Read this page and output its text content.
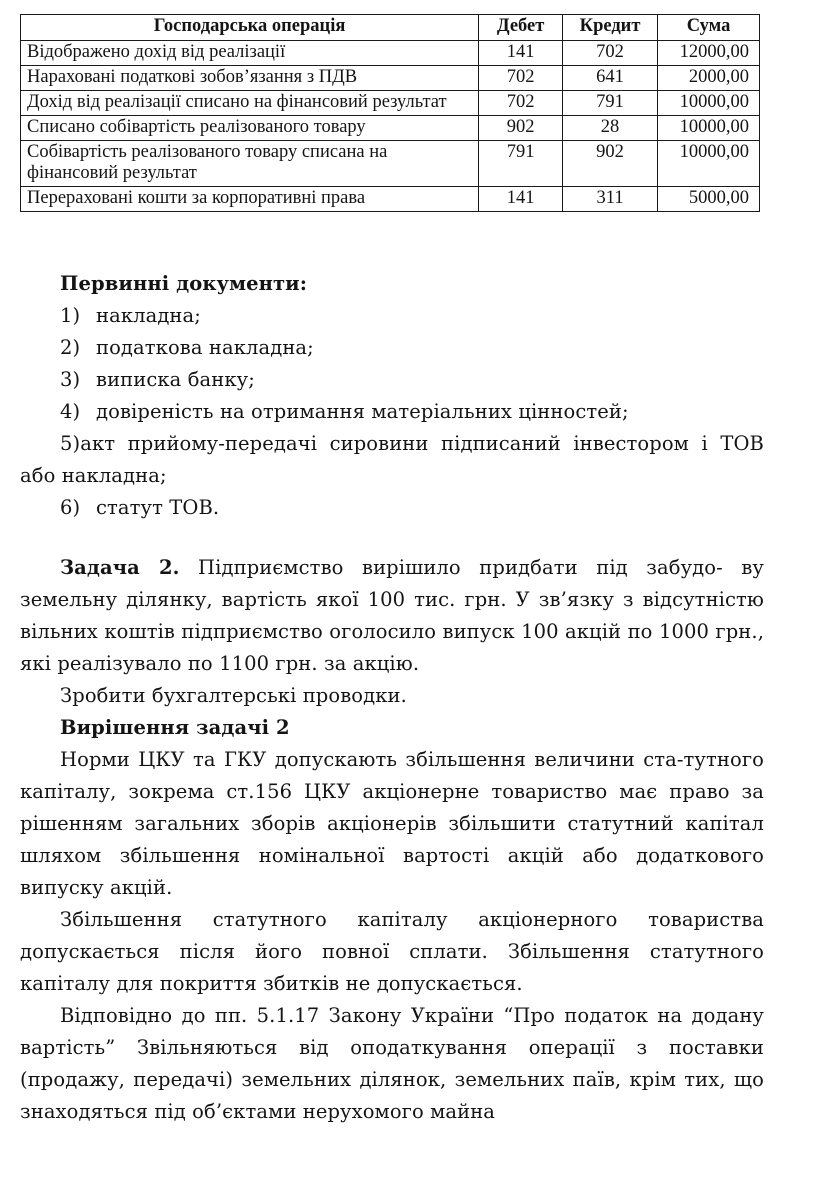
Господарська операція	Дебет	Кредит	Сума
Відображено дохід від реалізації	141	702	12000,00
Нараховані податкові зобов’язання з ПДВ	702	641	2000,00
Дохід від реалізації списано на фінансовий результат	702	791	10000,00
Списано собівартість реалізованого товару	902	28	10000,00
Собівартість реалізованого товару списана на фінансовий результат	791	902	10000,00
Перераховані кошти за корпоративні права	141	311	5000,00

Первинні документи:

1) накладна;

2) податкова накладна;

3) виписка банку;

4) довіреність на отримання матеріальних цінностей;

5)акт прийому-передачі сировини підписаний інвестором і ТОВ або накладна;

6) статут ТОВ.

Задача 2. Підприємство вирішило придбати під забудо- ву земельну ділянку, вартість якої 100 тис. грн. У зв’язку з відсутністю вільних коштів підприємство оголосило випуск 100 акцій по 1000 грн., які реалізувало по 1100 грн. за акцію.

Зробити бухгалтерські проводки.

Вирішення задачі 2

Норми ЦКУ та ГКУ допускають збільшення величини ста-тутного капіталу, зокрема ст.156 ЦКУ акціонерне товариство має право за рішенням загальних зборів акціонерів збільшити статутний капітал шляхом збільшення номінальної вартості акцій або додаткового випуску акцій.

Збільшення статутного капіталу акціонерного товариства допускається після його повної сплати. Збільшення статутного капіталу для покриття збитків не допускається.

Відповідно до пп. 5.1.17 Закону України “Про податок на додану вартість” Звільняються від оподаткування операції з поставки (продажу, передачі) земельних ділянок, земельних паїв, крім тих, що знаходяться під об’єктами нерухомого майна
